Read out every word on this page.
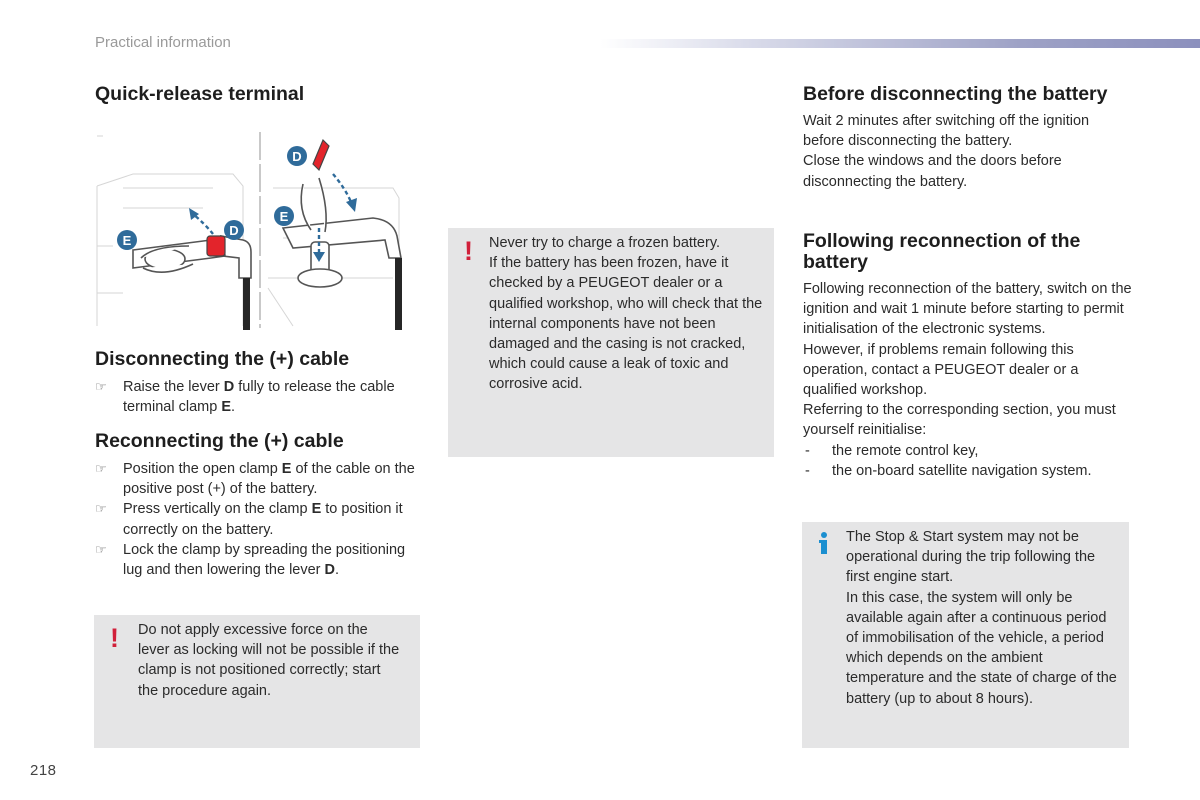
Practical information
Quick-release terminal
E
D
D
E
Disconnecting the (+) cable
☞ Raise the lever D fully to release the cable terminal clamp E.
Reconnecting the (+) cable
☞ Position the open clamp E of the cable on the positive post (+) of the battery.
☞ Press vertically on the clamp E to position it correctly on the battery.
☞ Lock the clamp by spreading the positioning lug and then lowering the lever D.
! Do not apply excessive force on the lever as locking will not be possible if the clamp is not positioned correctly; start the procedure again.
! Never try to charge a frozen battery.
If the battery has been frozen, have it checked by a PEUGEOT dealer or a qualified workshop, who will check that the internal components have not been damaged and the casing is not cracked, which could cause a leak of toxic and corrosive acid.
Before disconnecting the battery
Wait 2 minutes after switching off the ignition before disconnecting the battery.
Close the windows and the doors before disconnecting the battery.
Following reconnection of the battery
Following reconnection of the battery, switch on the ignition and wait 1 minute before starting to permit initialisation of the electronic systems.
However, if problems remain following this operation, contact a PEUGEOT dealer or a qualified workshop.
Referring to the corresponding section, you must yourself reinitialise:
- the remote control key,
- the on-board satellite navigation system.
The Stop & Start system may not be operational during the trip following the first engine start.
In this case, the system will only be available again after a continuous period of immobilisation of the vehicle, a period which depends on the ambient temperature and the state of charge of the battery (up to about 8 hours).
218
